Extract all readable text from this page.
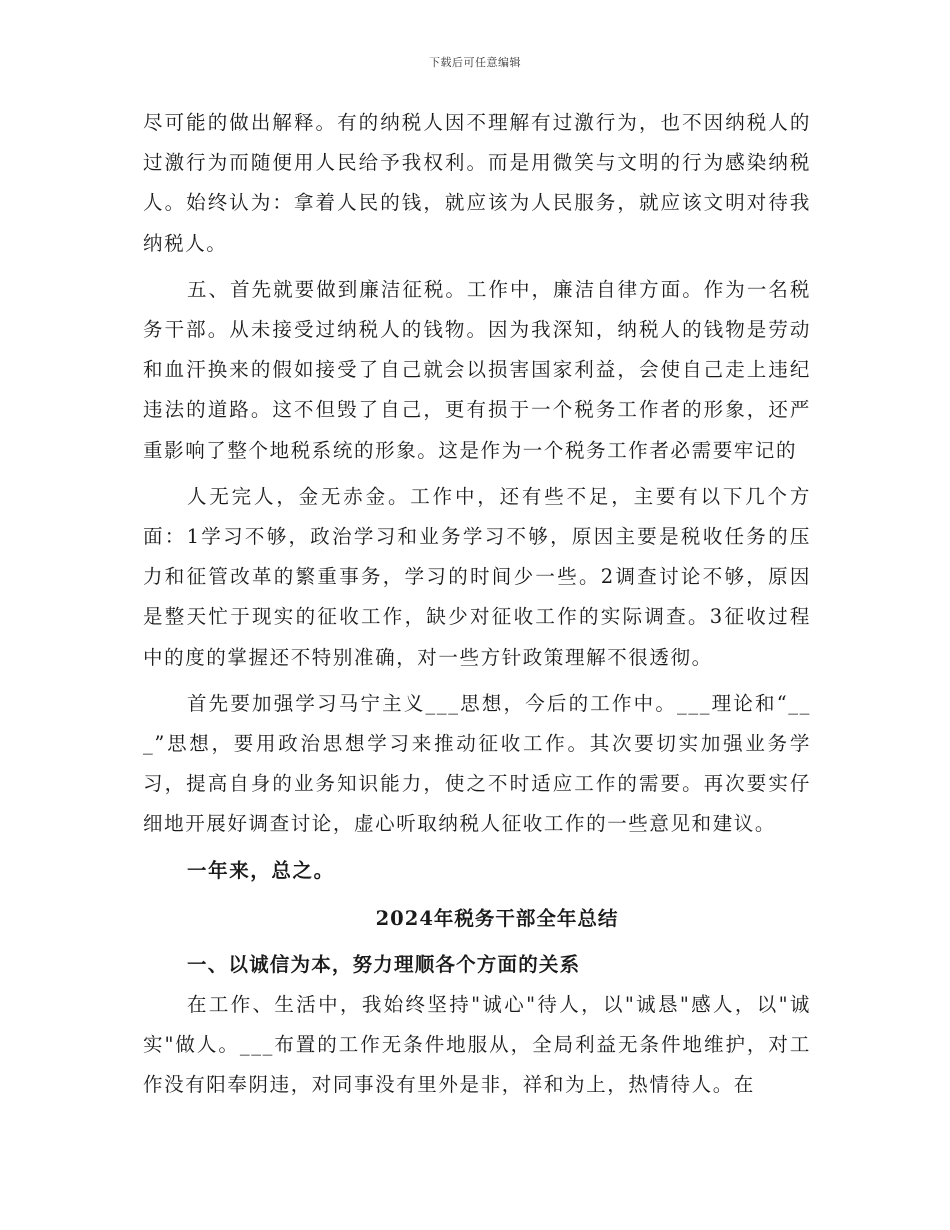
下载后可任意编辑

尽可能的做出解释。有的纳税人因不理解有过激行为，也不因纳税人的过激行为而随便用人民给予我权利。而是用微笑与文明的行为感染纳税人。始终认为：拿着人民的钱，就应该为人民服务，就应该文明对待我纳税人。

五、首先就要做到廉洁征税。工作中，廉洁自律方面。作为一名税务干部。从未接受过纳税人的钱物。因为我深知，纳税人的钱物是劳动和血汗换来的假如接受了自己就会以损害国家利益，会使自己走上违纪违法的道路。这不但毁了自己，更有损于一个税务工作者的形象，还严重影响了整个地税系统的形象。这是作为一个税务工作者必需要牢记的

人无完人，金无赤金。工作中，还有些不足，主要有以下几个方面：1学习不够，政治学习和业务学习不够，原因主要是税收任务的压力和征管改革的繁重事务，学习的时间少一些。2调查讨论不够，原因是整天忙于现实的征收工作，缺少对征收工作的实际调查。3征收过程中的度的掌握还不特别准确，对一些方针政策理解不很透彻。

首先要加强学习马宁主义___思想，今后的工作中。___理论和“___”思想，要用政治思想学习来推动征收工作。其次要切实加强业务学习，提高自身的业务知识能力，使之不时适应工作的需要。再次要实仔细地开展好调查讨论，虚心听取纳税人征收工作的一些意见和建议。

一年来，总之。

2024年税务干部全年总结
一、以诚信为本，努力理顺各个方面的关系

在工作、生活中，我始终坚持"诚心"待人，以"诚恳"感人，以"诚实"做人。___布置的工作无条件地服从，全局利益无条件地维护，对工作没有阳奉阴违，对同事没有里外是非，祥和为上，热情待人。在
